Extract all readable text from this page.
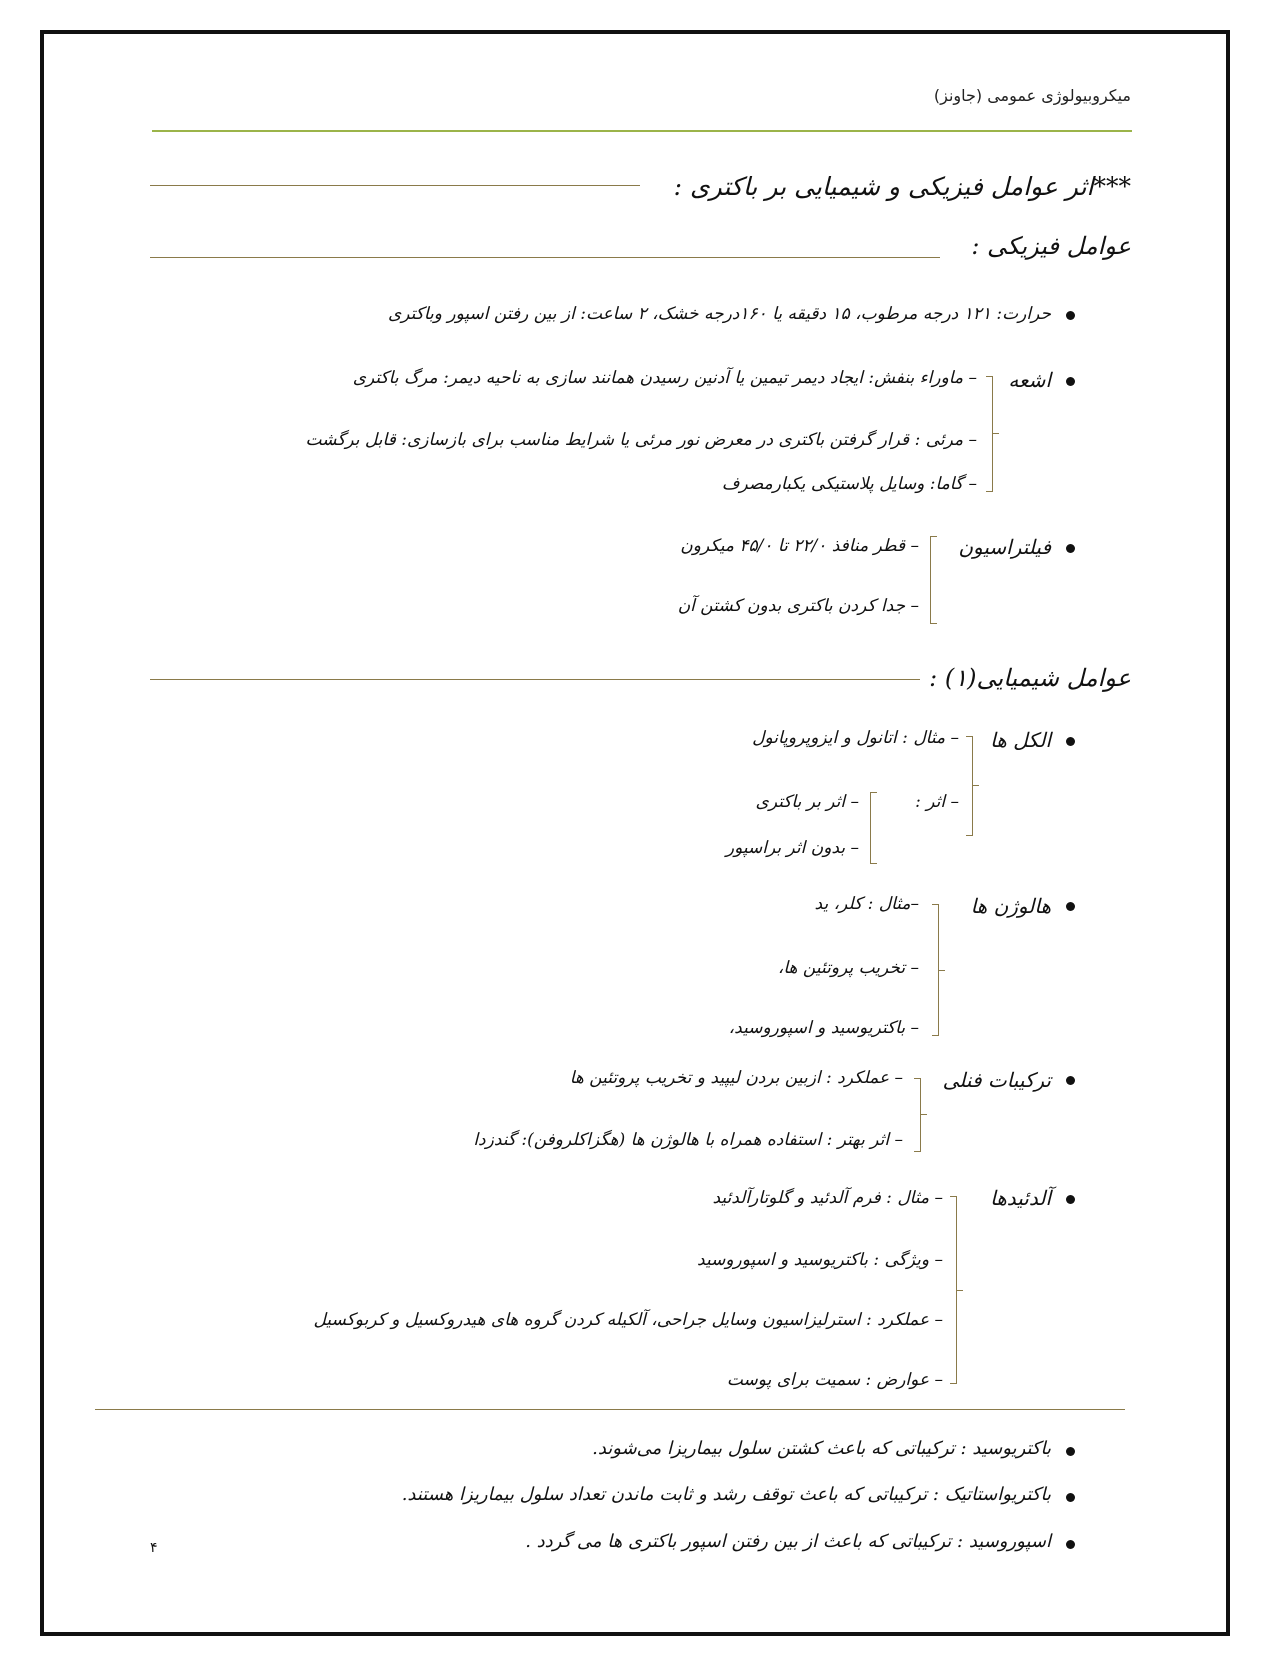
میکروبیولوژی عمومی (جاونز)
***اثر عوامل فیزیکی و شیمیایی بر باکتری :
عوامل فیزیکی :
حرارت: ۱۲۱ درجه مرطوب، ۱۵ دقیقه یا ۱۶۰درجه خشک، ۲ ساعت: از بین رفتن اسپور وباکتری
اشعه
– ماوراء بنفش: ایجاد دیمر تیمین یا آدنین رسیدن همانند سازی به ناحیه دیمر: مرگ باکتری
– مرئی : قرار گرفتن باکتری در معرض نور مرئی یا شرایط مناسب برای بازسازی: قابل برگشت
– گاما: وسایل پلاستیکی یکبارمصرف
فیلتراسیون
– قطر منافذ ۲۲/۰ تا ۴۵/۰ میکرون
– جدا کردن باکتری بدون کشتن آن
عوامل شیمیایی(۱) :
الکل ها
– مثال : اتانول و ایزوپروپانول
– اثر :
– اثر بر باکتری
– بدون اثر براسپور
هالوژن ها
–مثال : کلر، ید
– تخریب پروتئین ها،
– باکتریوسید و اسپوروسید،
ترکیبات فنلی
– عملکرد : ازبین بردن لیپید و تخریب پروتئین ها
– اثر بهتر : استفاده همراه با هالوژن ها (هگزاکلروفن): گندزدا
آلدئیدها
– مثال : فرم آلدئید و گلوتارآلدئید
– ویژگی : باکتریوسید و اسپوروسید
– عملکرد : استرلیزاسیون وسایل جراحی، آلکیله کردن گروه های هیدروکسیل و کربوکسیل
– عوارض : سمیت برای پوست
باکتریوسید : ترکیباتی که باعث کشتن سلول بیماریزا می‌شوند.
باکتریواستاتیک : ترکیباتی که باعث توقف رشد و ثابت ماندن تعداد سلول بیماریزا هستند.
اسپوروسید : ترکیباتی که باعث از بین رفتن اسپور باکتری ها می گردد .
۴
